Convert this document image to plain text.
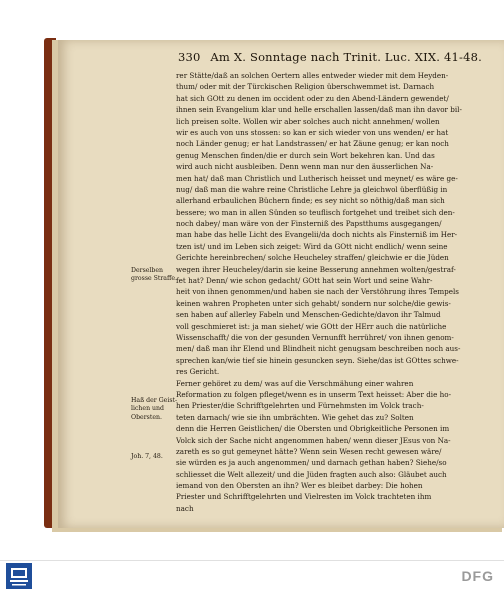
330 Am X. Sonntage nach Trinit. Luc. XIX. 41-48.
rer Stätte/daß an solchen Oertern alles entweder wieder mit dem Heyden-
thum/ oder mit der Türckischen Religion überschwemmet ist. Darnach
hat sich GOtt zu denen im occident oder zu den Abend-Ländern gewendet/
ihnen sein Evangelium klar und helle erschallen lassen/daß man ihn davor bil-
lich preisen solte. Wollen wir aber solches auch nicht annehmen/ wollen
wir es auch von uns stossen: so kan er sich wieder von uns wenden/ er hat
noch Länder genug; er hat Landstrassen/ er hat Zäune genug; er kan noch
genug Menschen finden/die er durch sein Wort bekehren kan. Und das
wird auch nicht ausbleiben. Denn wenn man nur den äusserlichen Na-
men hat/ daß man Christlich und Lutherisch heisset und meynet/ es wäre ge-
nug/ daß man die wahre reine Christliche Lehre ja gleichwol überflüßig in
allerhand erbaulichen Büchern finde; es sey nicht so nöthig/daß man sich
bessere; wo man in allen Sünden so teuflisch fortgehet und treibet sich den-
noch dabey/ man wäre von der Finsterniß des Papstthums ausgegangen/
man habe das helle Licht des Evangelii/da doch nichts als Finsterniß im Her-
tzen ist/ und im Leben sich zeiget: Wird da GOtt nicht endlich/ wenn seine
Gerichte hereinbrechen/ solche Heucheley straffen/ gleichwie er die Jüden
wegen ihrer Heucheley/darin sie keine Besserung annehmen wolten/gestraf-
fet hat? Denn/ wie schon gedacht/ GOtt hat sein Wort und seine Wahr-
heit von ihnen genommen/und haben sie nach der Verstöhrung ihres Tempels
keinen wahren Propheten unter sich gehabt/ sondern nur solche/die gewis-
sen haben auf allerley Fabeln und Menschen-Gedichte/davon ihr Talmud
voll geschmieret ist: ja man siehet/ wie GOtt der HErr auch die natürliche
Wissenschafft/ die von der gesunden Vernunfft herrühret/ von ihnen genom-
men/ daß man ihr Elend und Blindheit nicht genugsam beschreiben noch aus-
sprechen kan/wie tief sie hinein gesuncken seyn. Siehe/das ist GOttes schwe-
res Gericht.
Ferner gehöret zu dem/ was auf die Verschmähung einer wahren
Reformation zu folgen pfleget/wenn es in unserm Text heisset: Aber die ho-
hen Priester/die Schrifftgelehrten und Fürnehmsten im Volck trach-
teten darnach/ wie sie ihn umbrächten. Wie gehet das zu? Solten
denn die Herren Geistlichen/ die Obersten und Obrigkeitliche Personen im
Volck sich der Sache nicht angenommen haben/ wenn dieser JEsus von Na-
zareth es so gut gemeynet hätte? Wenn sein Wesen recht gewesen wäre/
sie würden es ja auch angenommen/ und darnach gethan haben? Siehe/so
schliesset die Welt allezeit/ und die Jüden fragten auch also: Gläubet auch
iemand von den Obersten an ihn? Wer es bleibet darbey: Die hohen
Priester und Schrifftgelehrten und Vielresten im Volck trachteten ihm
nach
Derselben
grosse Straffe.
Haß der Geist-
lichen und
Obersten.
Joh. 7, 48.
DFG
